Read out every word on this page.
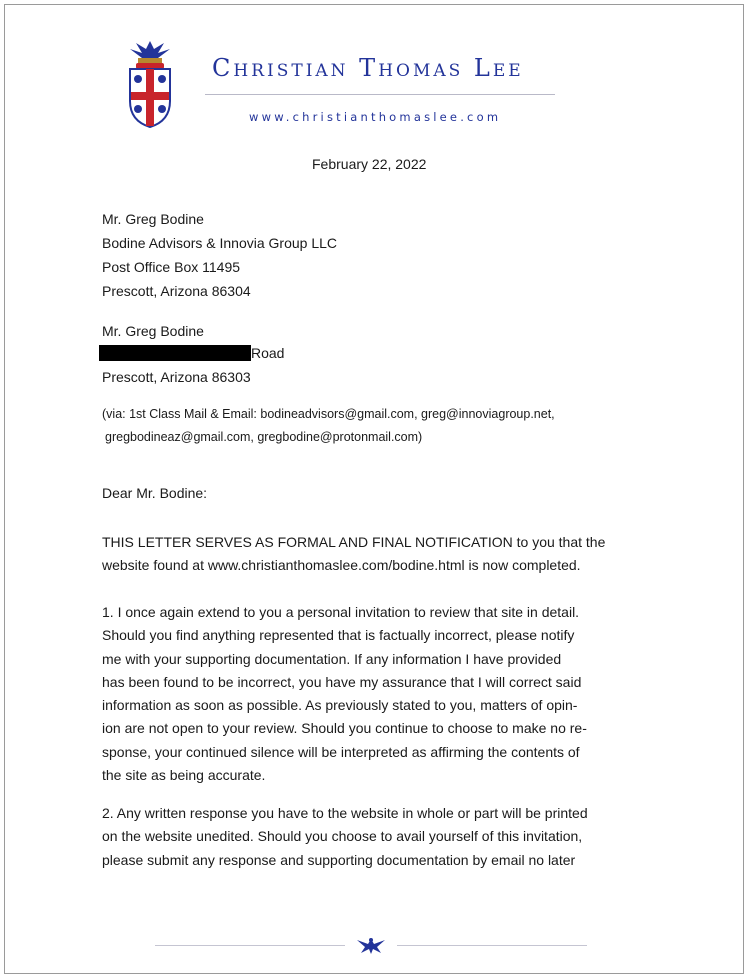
Christian Thomas Lee
www.christianthomaslee.com
February 22, 2022
Mr. Greg Bodine
Bodine Advisors & Innovia Group LLC
Post Office Box 11495
Prescott, Arizona 86304
Mr. Greg Bodine
Road
Prescott, Arizona 86303
(via: 1st Class Mail & Email: bodineadvisors@gmail.com, greg@innoviagroup.net,
gregbodineaz@gmail.com, gregbodine@protonmail.com)
Dear Mr. Bodine:
THIS LETTER SERVES AS FORMAL AND FINAL NOTIFICATION to you that the
website found at www.christianthomaslee.com/bodine.html is now completed.
1. I once again extend to you a personal invitation to review that site in detail.
Should you find anything represented that is factually incorrect, please notify
me with your supporting documentation. If any information I have provided
has been found to be incorrect, you have my assurance that I will correct said
information as soon as possible. As previously stated to you, matters of opin-
ion are not open to your review. Should you continue to choose to make no re-
sponse, your continued silence will be interpreted as affirming the contents of
the site as being accurate.
2. Any written response you have to the website in whole or part will be printed
on the website unedited. Should you choose to avail yourself of this invitation,
please submit any response and supporting documentation by email no later
